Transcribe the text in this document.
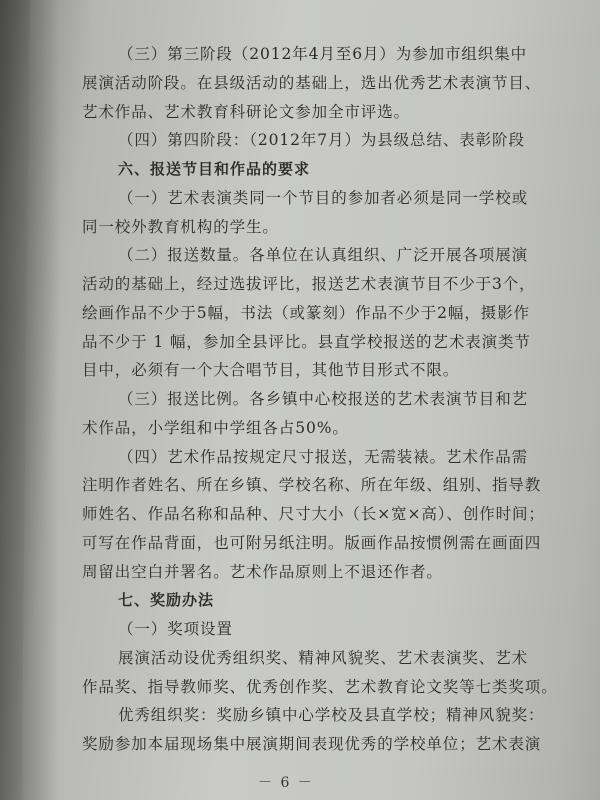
（三）第三阶段（2012年4月至6月）为参加市组织集中
展演活动阶段。在县级活动的基础上，选出优秀艺术表演节目、
艺术作品、艺术教育科研论文参加全市评选。
（四）第四阶段：（2012年7月）为县级总结、表彰阶段
六、报送节目和作品的要求
（一）艺术表演类同一个节目的参加者必须是同一学校或
同一校外教育机构的学生。
（二）报送数量。各单位在认真组织、广泛开展各项展演
活动的基础上，经过选拔评比，报送艺术表演节目不少于3个，
绘画作品不少于5幅，书法（或篆刻）作品不少于2幅，摄影作
品不少于 1 幅，参加全县评比。县直学校报送的艺术表演类节
目中，必须有一个大合唱节目，其他节目形式不限。
（三）报送比例。各乡镇中心校报送的艺术表演节目和艺
术作品，小学组和中学组各占50%。
（四）艺术作品按规定尺寸报送，无需装裱。艺术作品需
注明作者姓名、所在乡镇、学校名称、所在年级、组别、指导教
师姓名、作品名称和品种、尺寸大小（长×宽×高）、创作时间；
可写在作品背面，也可附另纸注明。版画作品按惯例需在画面四
周留出空白并署名。艺术作品原则上不退还作者。
七、奖励办法
（一）奖项设置
展演活动设优秀组织奖、精神风貌奖、艺术表演奖、艺术
作品奖、指导教师奖、优秀创作奖、艺术教育论文奖等七类奖项。
优秀组织奖：奖励乡镇中心学校及县直学校；精神风貌奖：
奖励参加本届现场集中展演期间表现优秀的学校单位；艺术表演
－ 6 －
